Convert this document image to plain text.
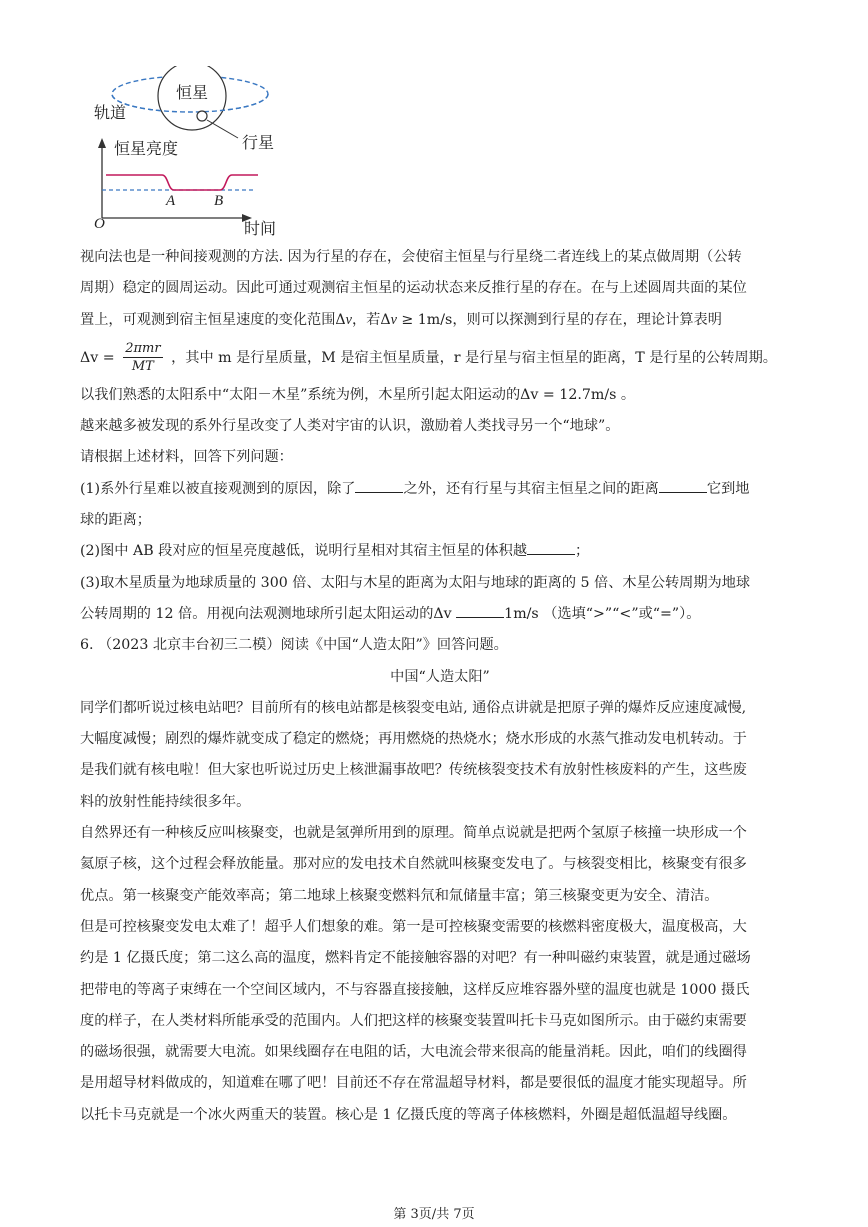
轨道
恒星
行星
恒星亮度
时间
O
A	B

视向法也是一种间接观测的方法. 因为行星的存在，会使宿主恒星与行星绕二者连线上的某点做周期（公转

周期）稳定的圆周运动。因此可通过观测宿主恒星的运动状态来反推行星的存在。在与上述圆周共面的某位

置上，可观测到宿主恒星速度的变化范围Δv，若Δv ≥ 1m/s，则可以探测到行星的存在，理论计算表明

$\Delta v = \frac{\text{2πmr}}{MT}$ ，其中 m 是行星质量，M 是宿主恒星质量，r 是行星与宿主恒星的距离，T 是行星的公转周期。

以我们熟悉的太阳系中“太阳－木星”系统为例，木星所引起太阳运动的Δv = 12.7m/s 。

越来越多被发现的系外行星改变了人类对宇宙的认识，激励着人类找寻另一个“地球”。

请根据上述材料，回答下列问题：

(1)系外行星难以被直接观测到的原因，除了	之外，还有行星与其宿主恒星之间的距离	它到地

球的距离；

(2)图中 AB 段对应的恒星亮度越低，说明行星相对其宿主恒星的体积越	；

(3)取木星质量为地球质量的 300 倍、太阳与木星的距离为太阳与地球的距离的 5 倍、木星公转周期为地球

公转周期的 12 倍。用视向法观测地球所引起太阳运动的Δv	1m/s （选填“>”“<”或“=”）。

6. （2023 北京丰台初三二模）阅读《中国“人造太阳”》回答问题。

中国“人造太阳”

同学们都听说过核电站吧？目前所有的核电站都是核裂变电站, 通俗点讲就是把原子弹的爆炸反应速度减慢,

大幅度减慢；剧烈的爆炸就变成了稳定的燃烧；再用燃烧的热烧水；烧水形成的水蒸气推动发电机转动。于

是我们就有核电啦！但大家也听说过历史上核泄漏事故吧？传统核裂变技术有放射性核废料的产生，这些废

料的放射性能持续很多年。

自然界还有一种核反应叫核聚变，也就是氢弹所用到的原理。简单点说就是把两个氢原子核撞一块形成一个

氦原子核，这个过程会释放能量。那对应的发电技术自然就叫核聚变发电了。与核裂变相比，核聚变有很多

优点。第一核聚变产能效率高；第二地球上核聚变燃料氘和氚储量丰富；第三核聚变更为安全、清洁。

但是可控核聚变发电太难了！超乎人们想象的难。第一是可控核聚变需要的核燃料密度极大，温度极高，大

约是 1 亿摄氏度；第二这么高的温度，燃料肯定不能接触容器的对吧？有一种叫磁约束装置，就是通过磁场

把带电的等离子束缚在一个空间区域内，不与容器直接接触，这样反应堆容器外壁的温度也就是 1000 摄氏

度的样子，在人类材料所能承受的范围内。人们把这样的核聚变装置叫托卡马克如图所示。由于磁约束需要

的磁场很强，就需要大电流。如果线圈存在电阻的话，大电流会带来很高的能量消耗。因此，咱们的线圈得

是用超导材料做成的，知道难在哪了吧！目前还不存在常温超导材料，都是要很低的温度才能实现超导。所

以托卡马克就是一个冰火两重天的装置。核心是 1 亿摄氏度的等离子体核燃料，外圈是超低温超导线圈。

第 3页/共 7页
